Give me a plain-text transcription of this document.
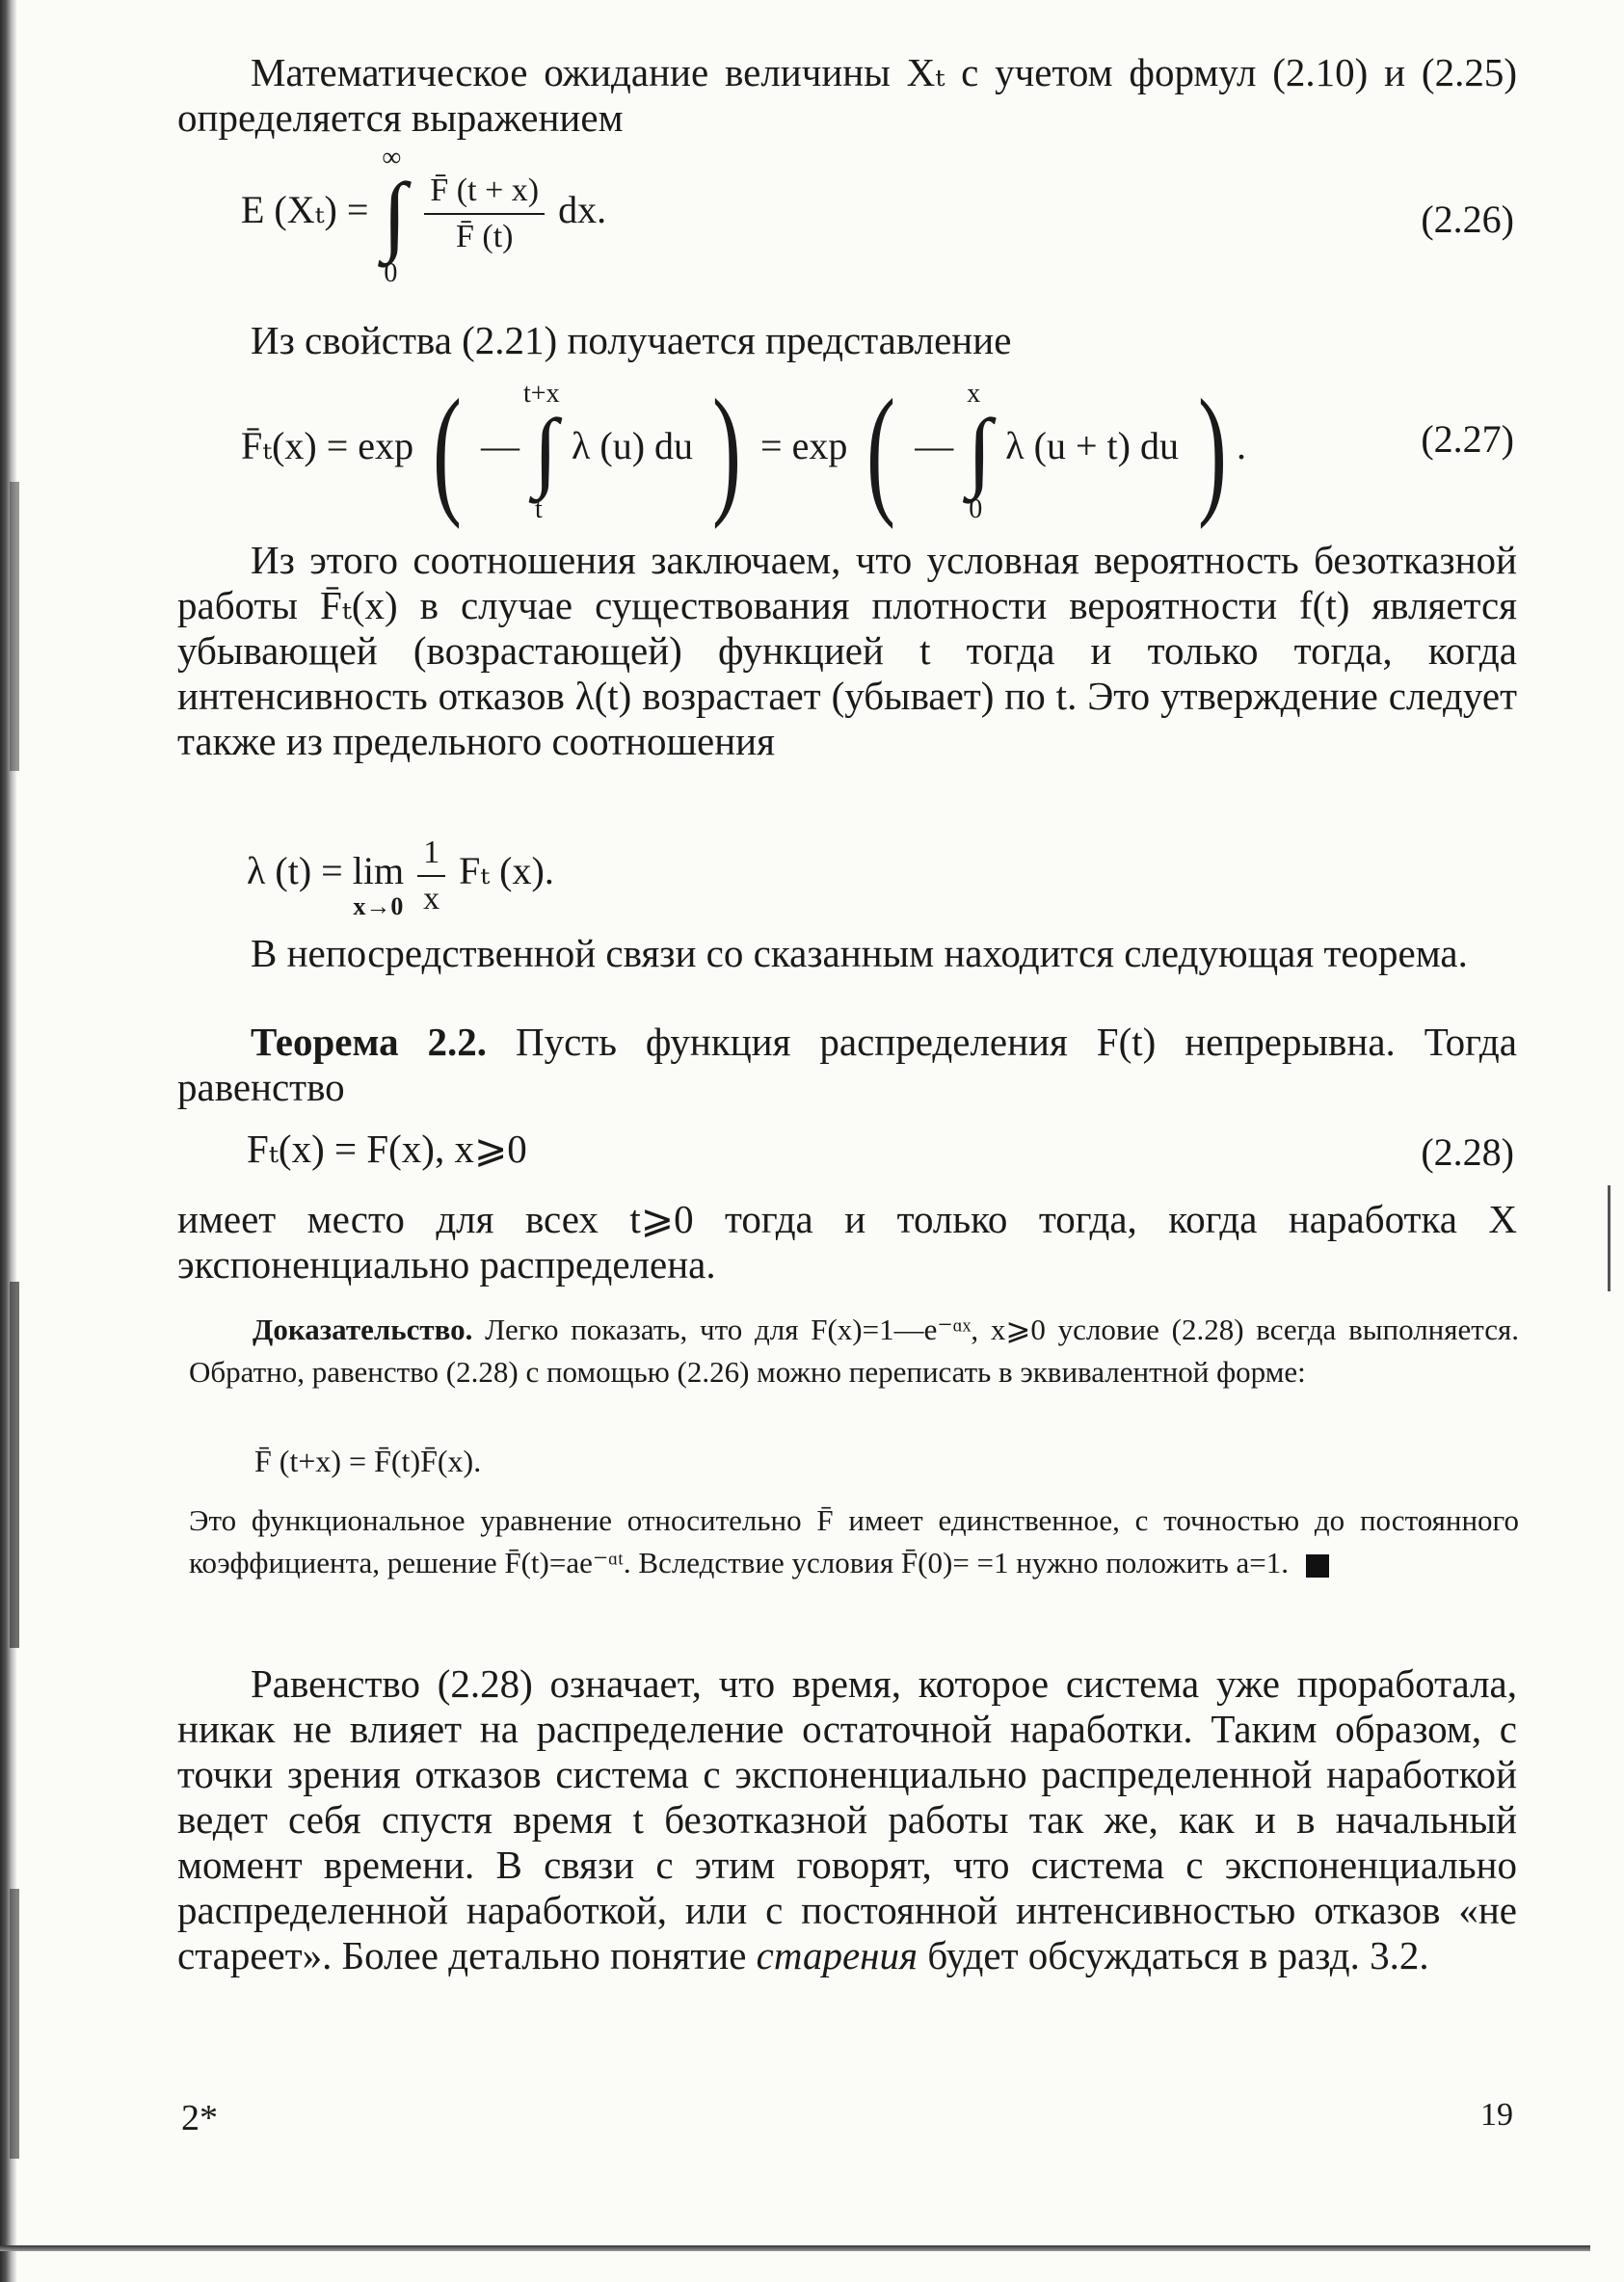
Математическое ожидание величины Xₜ с учетом формул (2.10) и (2.25) определяется выражением

E (Xₜ) =
∞
∫
0

$\frac{F̄ (t + x)}{F̄ (t)}$ dx.	(2.26)

Из свойства (2.21) получается представление

F̄ₜ(x) = exp ( —
t+x
∫
t
λ (u) du ) = exp ( —
x
∫
0
λ (u + t) du ) .	(2.27)

Из этого соотношения заключаем, что условная вероятность безотказной работы F̄ₜ(x) в случае существования плотности вероятности f(t) является убывающей (возрастающей) функцией t тогда и только тогда, когда интенсивность отказов λ(t) возрастает (убывает) по t. Это утверждение следует также из предельного соотношения

λ (t) = lim
x→0
$\frac{1}{x}$ Fₜ (x).

В непосредственной связи со сказанным находится следующая теорема.

Теорема 2.2. Пусть функция распределения F(t) непрерывна. Тогда равенство

Fₜ(x) = F(x), x⩾0	(2.28)

имеет место для всех t⩾0 тогда и только тогда, когда наработка X экспоненциально распределена.

Доказательство. Легко показать, что для F(x)=1—e⁻ᵅˣ, x⩾0 условие (2.28) всегда выполняется. Обратно, равенство (2.28) с помощью (2.26) можно переписать в эквивалентной форме:

F̄ (t+x) = F̄(t)F̄(x).

Это функциональное уравнение относительно F̄ имеет единственное, с точностью до постоянного коэффициента, решение F̄(t)=ae⁻ᵅᵗ. Вследствие условия F̄(0)= =1 нужно положить a=1.

Равенство (2.28) означает, что время, которое система уже проработала, никак не влияет на распределение остаточной наработки. Таким образом, с точки зрения отказов система с экспоненциально распределенной наработкой ведет себя спустя время t безотказной работы так же, как и в начальный момент времени. В связи с этим говорят, что система с экспоненциально распределенной наработкой, или с постоянной интенсивностью отказов «не стареет». Более детально понятие старения будет обсуждаться в разд. 3.2.

2*	19
